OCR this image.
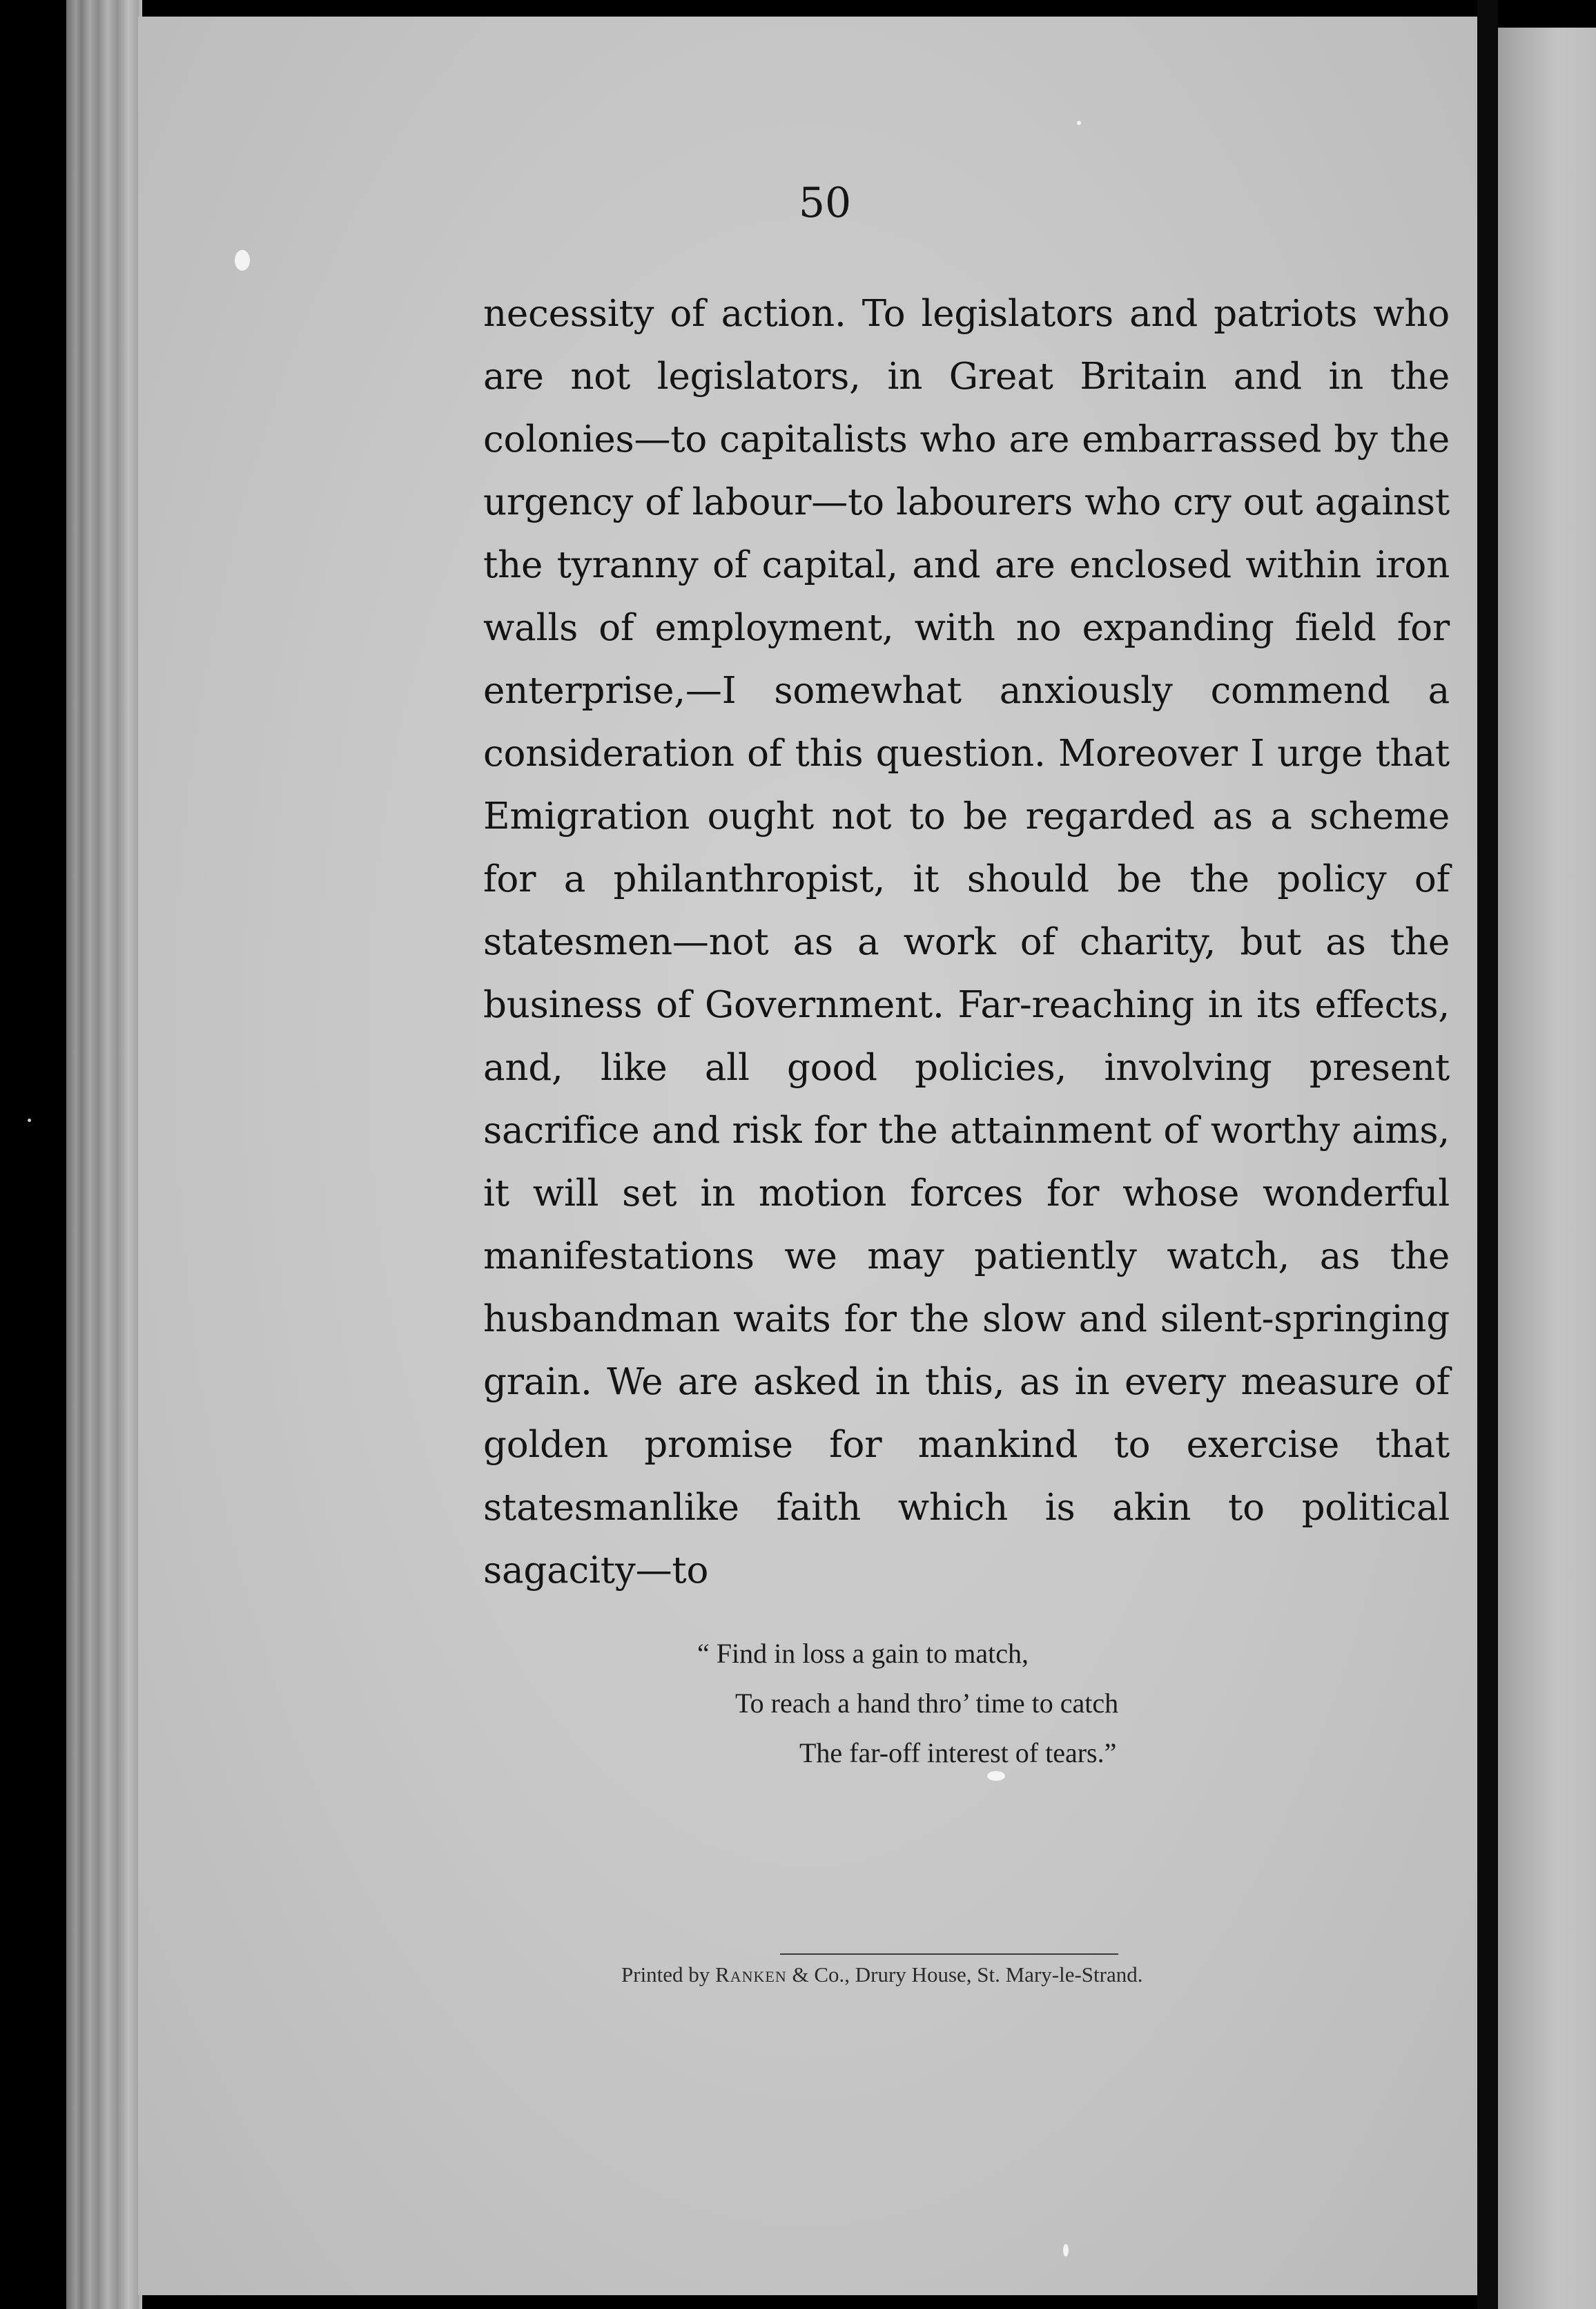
50
necessity of action. To legislators and patriots who are not legislators, in Great Britain and in the colonies—to capitalists who are embarrassed by the urgency of labour—to labourers who cry out against the tyranny of capital, and are enclosed within iron walls of employment, with no expanding field for enterprise,—I somewhat anxiously commend a consideration of this question. Moreover I urge that Emigration ought not to be regarded as a scheme for a philanthropist, it should be the policy of statesmen—not as a work of charity, but as the business of Government. Far-reaching in its effects, and, like all good policies, involving present sacrifice and risk for the attainment of worthy aims, it will set in motion forces for whose wonderful manifestations we may patiently watch, as the husbandman waits for the slow and silent-springing grain. We are asked in this, as in every measure of golden promise for mankind to exercise that statesmanlike faith which is akin to political sagacity—to
“ Find in loss a gain to match,
To reach a hand thro’ time to catch
The far-off interest of tears.”
Printed by Ranken & Co., Drury House, St. Mary-le-Strand.
